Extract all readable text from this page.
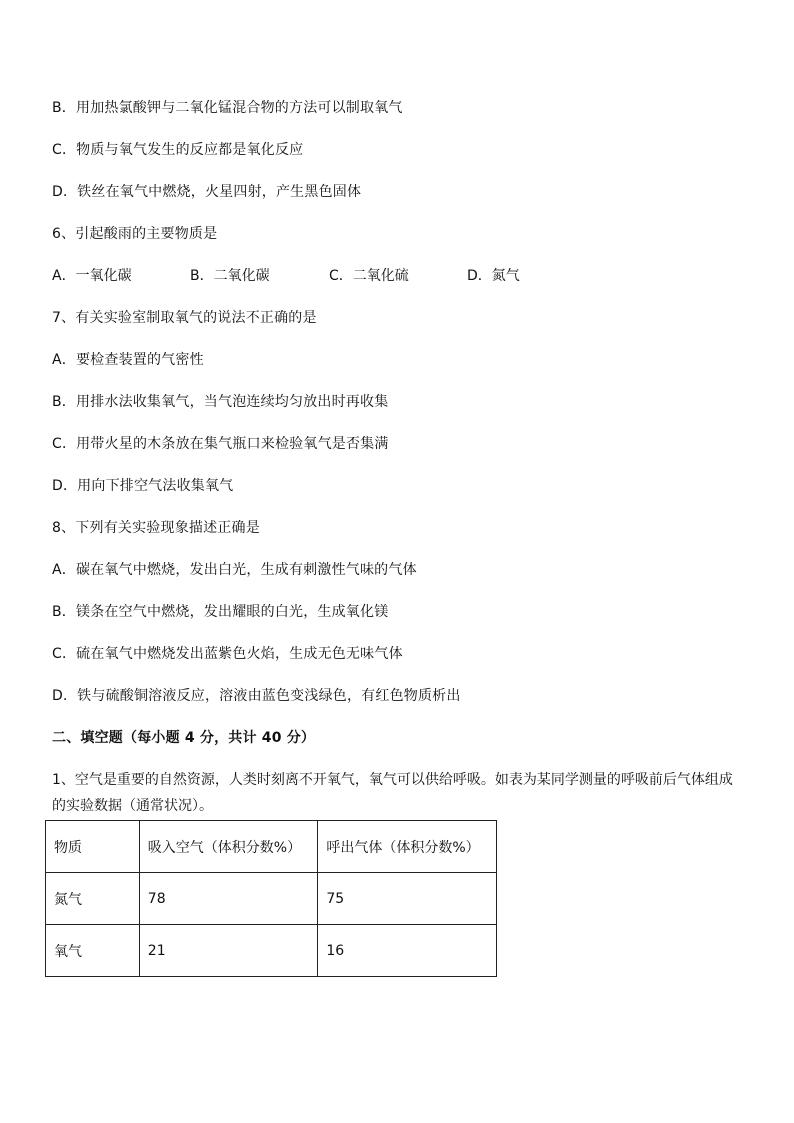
B．用加热氯酸钾与二氧化锰混合物的方法可以制取氧气
C．物质与氧气发生的反应都是氧化反应
D．铁丝在氧气中燃烧，火星四射，产生黑色固体
6、引起酸雨的主要物质是
A．一氧化碳	B．二氧化碳	C．二氧化硫	D．氮气
7、有关实验室制取氧气的说法不正确的是
A．要检查装置的气密性
B．用排水法收集氧气，当气泡连续均匀放出时再收集
C．用带火星的木条放在集气瓶口来检验氧气是否集满
D．用向下排空气法收集氧气
8、下列有关实验现象描述正确是
A．碳在氧气中燃烧，发出白光，生成有刺激性气味的气体
B．镁条在空气中燃烧，发出耀眼的白光，生成氧化镁
C．硫在氧气中燃烧发出蓝紫色火焰，生成无色无味气体
D．铁与硫酸铜溶液反应，溶液由蓝色变浅绿色，有红色物质析出
二、填空题（每小题 4 分，共计 40 分）
1、空气是重要的自然资源，人类时刻离不开氧气，氧气可以供给呼吸。如表为某同学测量的呼吸前后气体组成的实验数据（通常状况）。
物质	吸入空气（体积分数%）	呼出气体（体积分数%）
氮气	78	75
氧气	21	16
